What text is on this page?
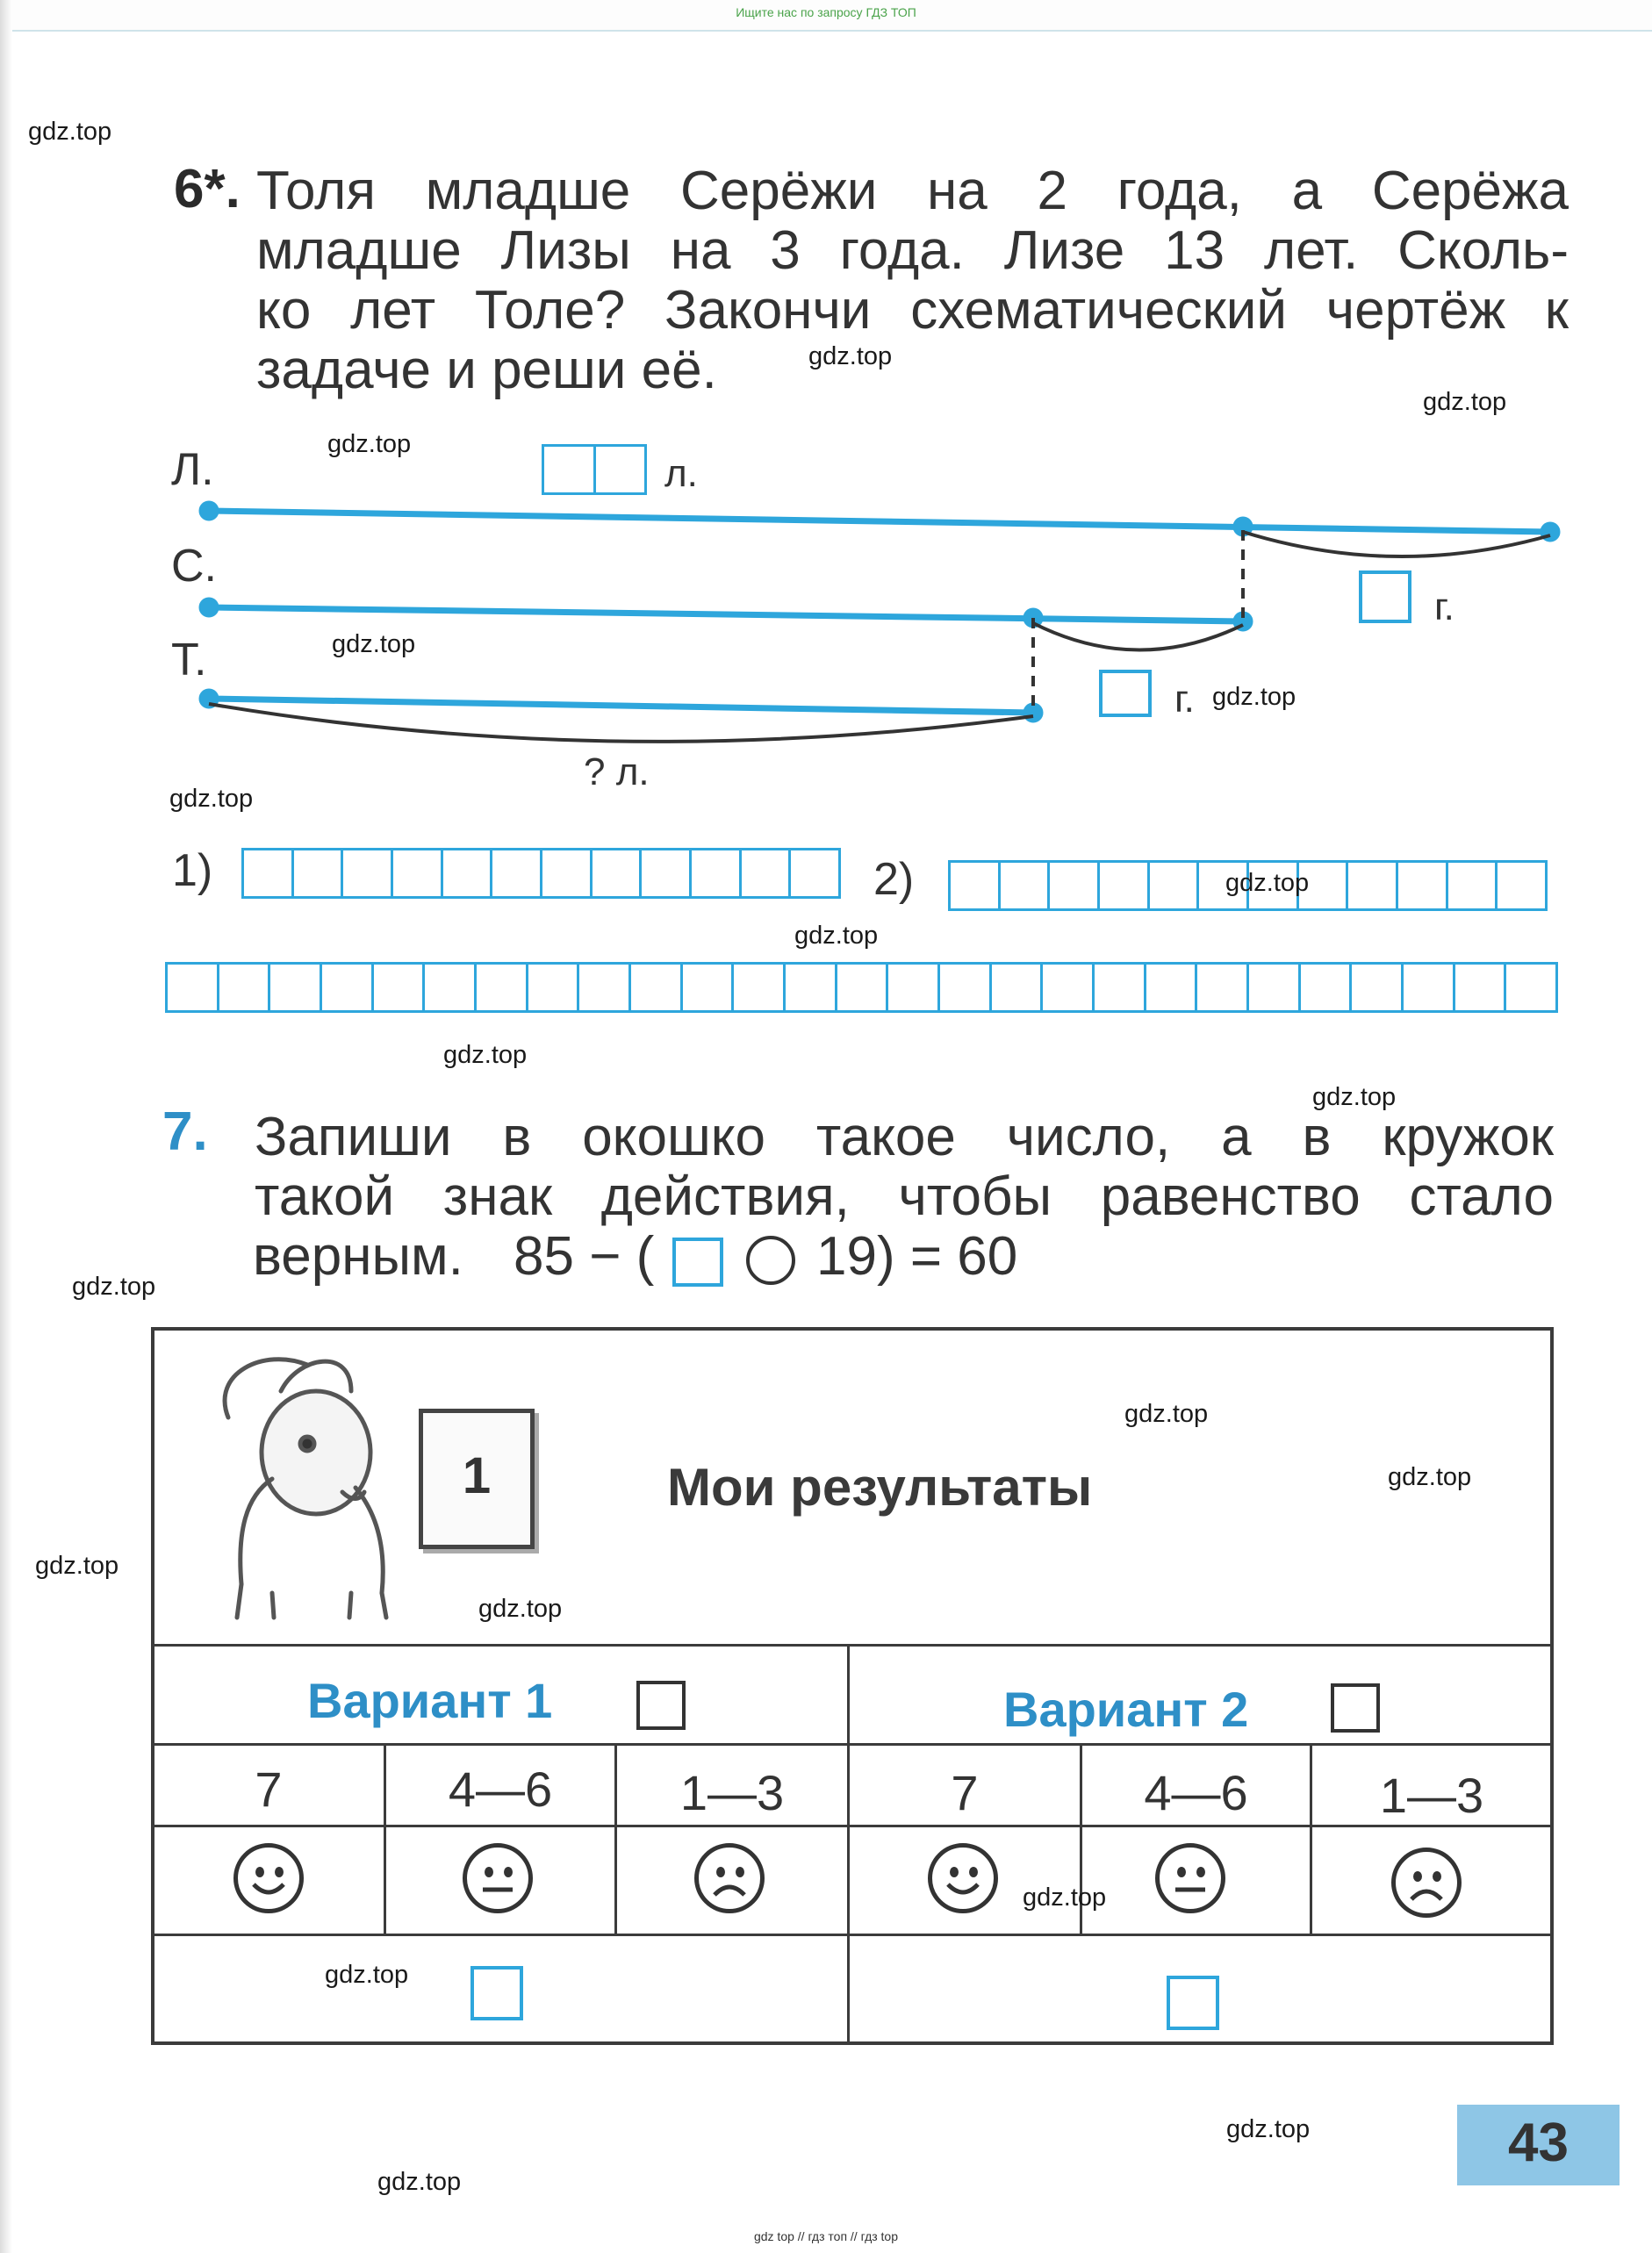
Ищите нас по запросу ГДЗ ТОП
6*. Толя младше Серёжи на 2 года, а Серёжа
младше Лизы на 3 года. Лизе 13 лет. Сколь-
ко лет Толе? Закончи схематический чертёж к
задаче и реши её.
Л.
С.
Т.
л.
г.
г.
? л.
1)	2)
7. Запиши в окошко такое число, а в кружок
такой знак действия, чтобы равенство стало
верным. 85 − (	19) = 60
1	Мои результаты
Вариант 1	Вариант 2
7	4—6	1—3	7	4—6	1—3
43
gdz.top
gdz.top
gdz.top
gdz.top
gdz.top
gdz.top
gdz.top
gdz.top
gdz.top
gdz.top
gdz.top
gdz.top
gdz.top
gdz.top
gdz.top
gdz.top
gdz.top
gdz.top
gdz.top
gdz.top
gdz top // гдз топ // гдз top
